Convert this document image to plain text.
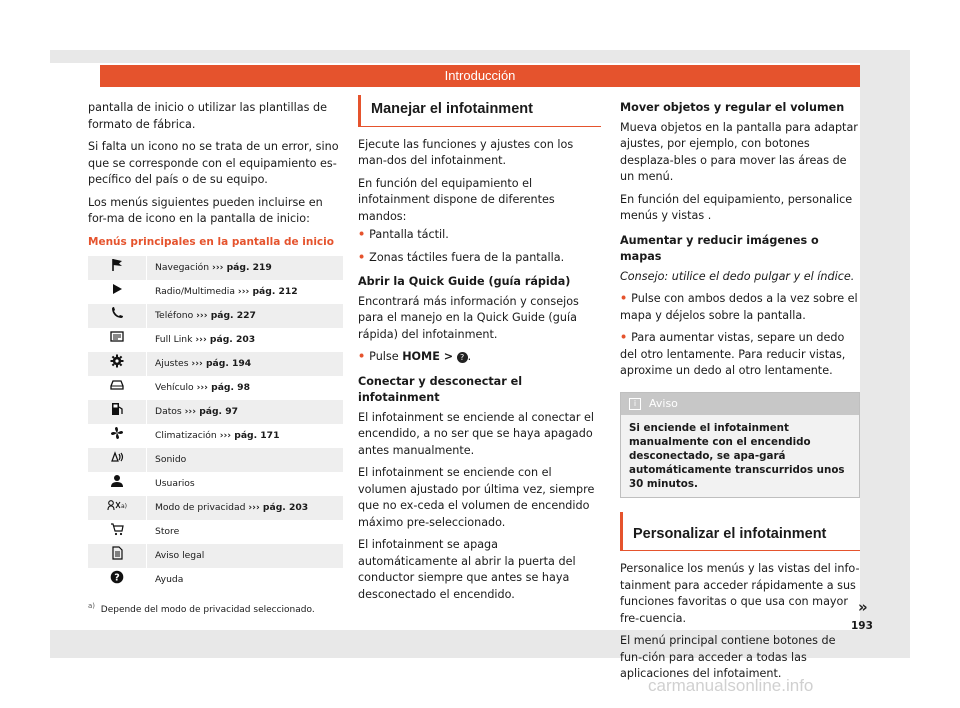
Introducción

pantalla de inicio o utilizar las plantillas de formato de fábrica.

Si falta un icono no se trata de un error, sino que se corresponde con el equipamiento es-pecífico del país o de su equipo.

Los menús siguientes pueden incluirse en for-ma de icono en la pantalla de inicio:

Menús principales en la pantalla de inicio
	Navegación ››› pág. 219
	Radio/Multimedia ››› pág. 212
	Teléfono ››› pág. 227
	Full Link ››› pág. 203
	Ajustes ››› pág. 194
	Vehículo ››› pág. 98
	Datos ››› pág. 97
	Climatización ››› pág. 171
	Sonido
	Usuarios
$^{a)}$	Modo de privacidad ››› pág. 203
	Store
	Aviso legal

?	Ayuda
$^{a)}$ Depende del modo de privacidad seleccionado.
Manejar el infotainment

Ejecute las funciones y ajustes con los man-dos del infotainment.

En función del equipamiento el infotainment dispone de diferentes mandos:

• Pantalla táctil.

• Zonas táctiles fuera de la pantalla.

Abrir la Quick Guide (guía rápida)

Encontrará más información y consejos para el manejo en la Quick Guide (guía rápida) del infotainment.

• Pulse HOME > ? .

Conectar y desconectar el infotainment

El infotainment se enciende al conectar el encendido, a no ser que se haya apagado antes manualmente.

El infotainment se enciende con el volumen ajustado por última vez, siempre que no ex-ceda el volumen de encendido máximo pre-seleccionado.

El infotainment se apaga automáticamente al abrir la puerta del conductor siempre que antes se haya desconectado el encendido.

Mover objetos y regular el volumen

Mueva objetos en la pantalla para adaptar ajustes, por ejemplo, con botones desplaza-bles o para mover las áreas de un menú.

En función del equipamiento, personalice menús y vistas .

Aumentar y reducir imágenes o mapas

Consejo: utilice el dedo pulgar y el índice.

• Pulse con ambos dedos a la vez sobre el mapa y déjelos sobre la pantalla.

• Para aumentar vistas, separe un dedo del otro lentamente. Para reducir vistas, aproxime un dedo al otro lentamente.

i Aviso
Si enciende el infotainment manualmente con el encendido desconectado, se apa-gará automáticamente transcurridos unos 30 minutos.
Personalizar el infotainment

Personalice los menús y las vistas del info-tainment para acceder rápidamente a sus funciones favoritas o que usa con mayor fre-cuencia.

El menú principal contiene botones de fun-ción para acceder a todas las aplicaciones del infotaiment.

»
193
carmanualsonline.info
